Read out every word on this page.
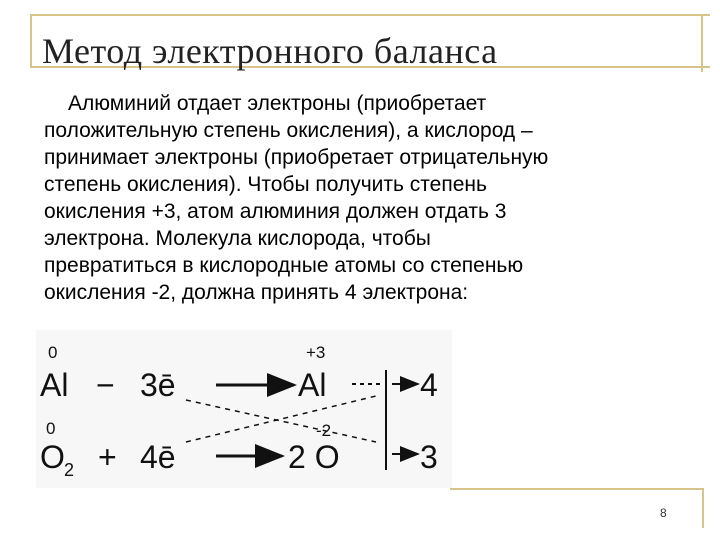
Метод электронного баланса
Алюминий отдает электроны (приобретает
положительную степень окисления), а кислород –
принимает электроны (приобретает отрицательную
степень окисления). Чтобы получить степень
окисления +3, атом алюминия должен отдать 3
электрона. Молекула кислорода, чтобы
превратиться в кислородные атомы со степенью
окисления -2, должна принять 4 электрона:
0
Al − 3ē
+3
Al	4
0
O 2 + 4ē
-2
2 O	3
8
